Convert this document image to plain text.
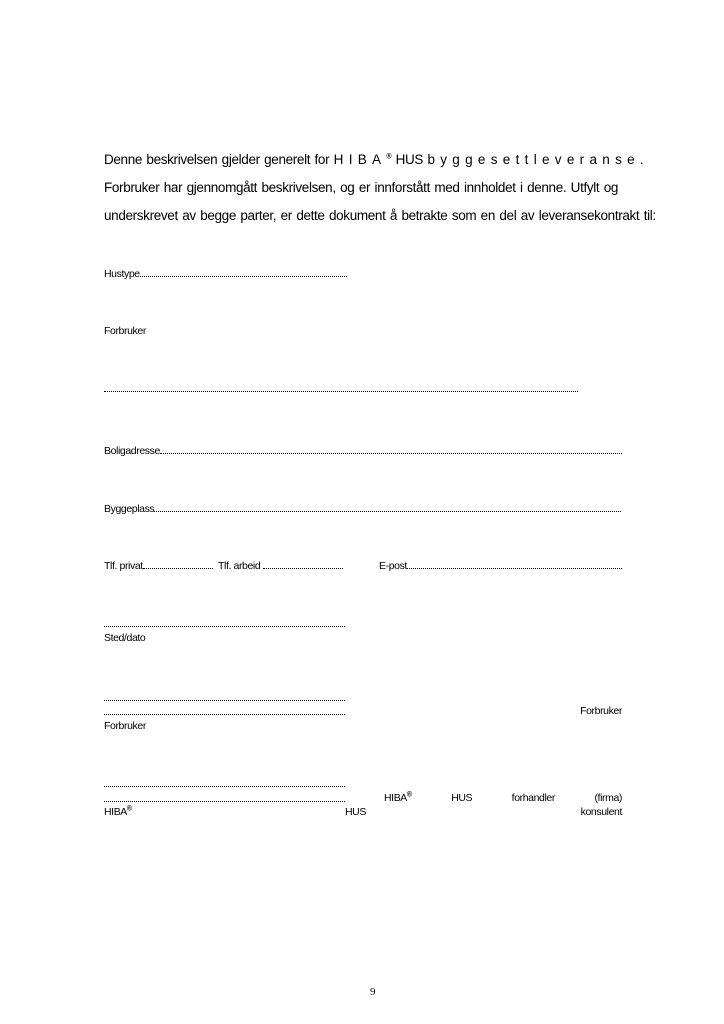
Denne beskrivelsen gjelder generelt for HIBA® HUS byggesettleveranse.
Forbruker har gjennomgått beskrivelsen, og er innforstått med innholdet i denne. Utfylt og
underskrevet av begge parter, er dette dokument å betrakte som en del av leveransekontrakt til:
Hustype
Forbruker
Boligadresse
Byggeplass
Tlf. privat	Tlf. arbeid	E-post
Sted/dato
Forbruker
Forbruker
HIBA®	HUS	forhandler	(firma)
HIBA®	HUS	konsulent
9
